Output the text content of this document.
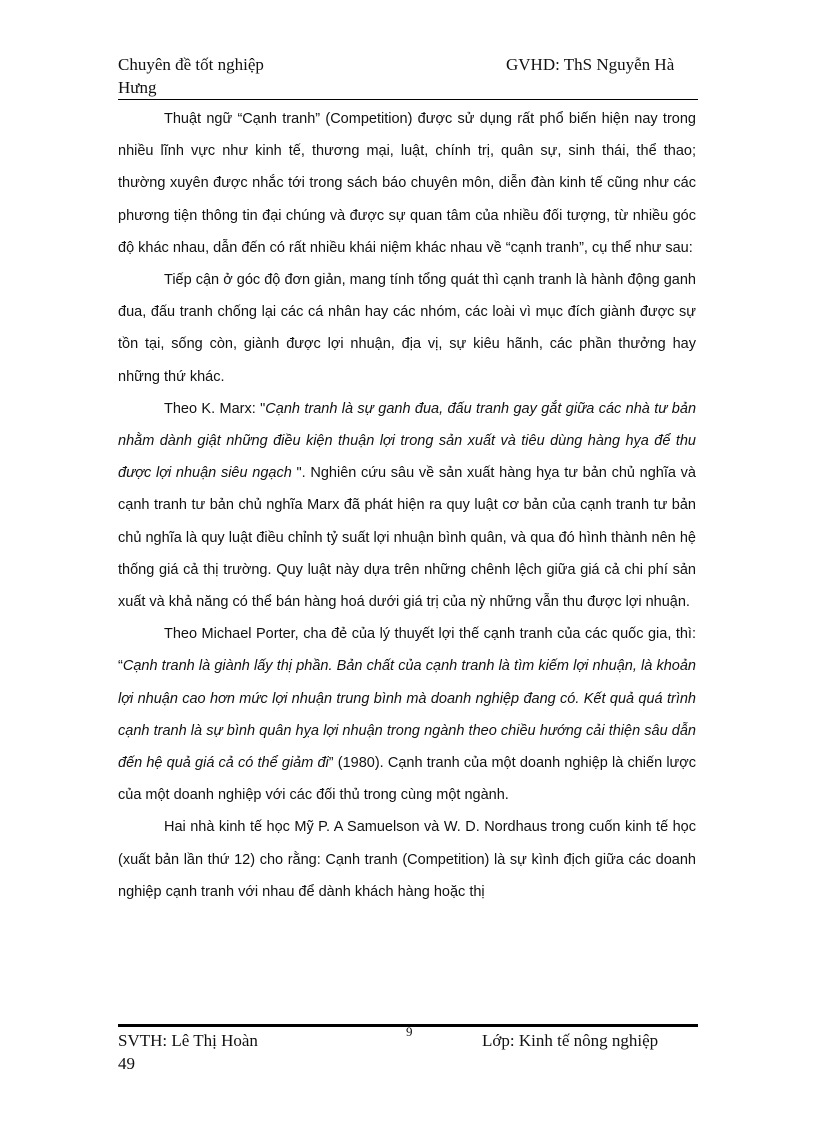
Chuyên đề tốt nghiệp
Hưng
GVHD: ThS Nguyễn Hà

Thuật ngữ “Cạnh tranh” (Competition) được sử dụng rất phổ biến hiện nay trong nhiều lĩnh vực như kinh tế, thương mại, luật, chính trị, quân sự, sinh thái, thể thao; thường xuyên được nhắc tới trong sách báo chuyên môn, diễn đàn kinh tế cũng như các phương tiện thông tin đại chúng và được sự quan tâm của nhiều đối tượng, từ nhiều góc độ khác nhau, dẫn đến có rất nhiều khái niệm khác nhau về “cạnh tranh”, cụ thể như sau:

Tiếp cận ở góc độ đơn giản, mang tính tổng quát thì cạnh tranh là hành động ganh đua, đấu tranh chống lại các cá nhân hay các nhóm, các loài vì mục đích giành được sự tồn tại, sống còn, giành được lợi nhuận, địa vị, sự kiêu hãnh, các phần thưởng hay những thứ khác.

Theo K. Marx: "Cạnh tranh là sự ganh đua, đấu tranh gay gắt giữa các nhà tư bản nhằm dành giật những điều kiện thuận lợi trong sản xuất và tiêu dùng hàng hỵa để thu được lợi nhuận siêu ngạch ". Nghiên cứu sâu về sản xuất hàng hỵa tư bản chủ nghĩa và cạnh tranh tư bản chủ nghĩa Marx đã phát hiện ra quy luật cơ bản của cạnh tranh tư bản chủ nghĩa là quy luật điều chỉnh tỷ suất lợi nhuận bình quân, và qua đó hình thành nên hệ thống giá cả thị trường. Quy luật này dựa trên những chênh lệch giữa giá cả chi phí sản xuất và khả năng có thể bán hàng hoá dưới giá trị của nỳ những vẫn thu được lợi nhuận.

Theo Michael Porter, cha đẻ của lý thuyết lợi thế cạnh tranh của các quốc gia, thì: “Cạnh tranh là giành lấy thị phần. Bản chất của cạnh tranh là tìm kiếm lợi nhuận, là khoản lợi nhuận cao hơn mức lợi nhuận trung bình mà doanh nghiệp đang có. Kết quả quá trình cạnh tranh là sự bình quân hỵa lợi nhuận trong ngành theo chiều hướng cải thiện sâu dẫn đến hệ quả giá cả có thể giảm đi” (1980). Cạnh tranh của một doanh nghiệp là chiến lược của một doanh nghiệp với các đối thủ trong cùng một ngành.

Hai nhà kinh tế học Mỹ P. A Samuelson và W. D. Nordhaus trong cuốn kinh tế học (xuất bản lần thứ 12) cho rằng: Cạnh tranh (Competition) là sự kình địch giữa các doanh nghiệp cạnh tranh với nhau để dành khách hàng hoặc thị

SVTH: Lê Thị Hoàn	9	Lớp: Kinh tế nông nghiệp
49
